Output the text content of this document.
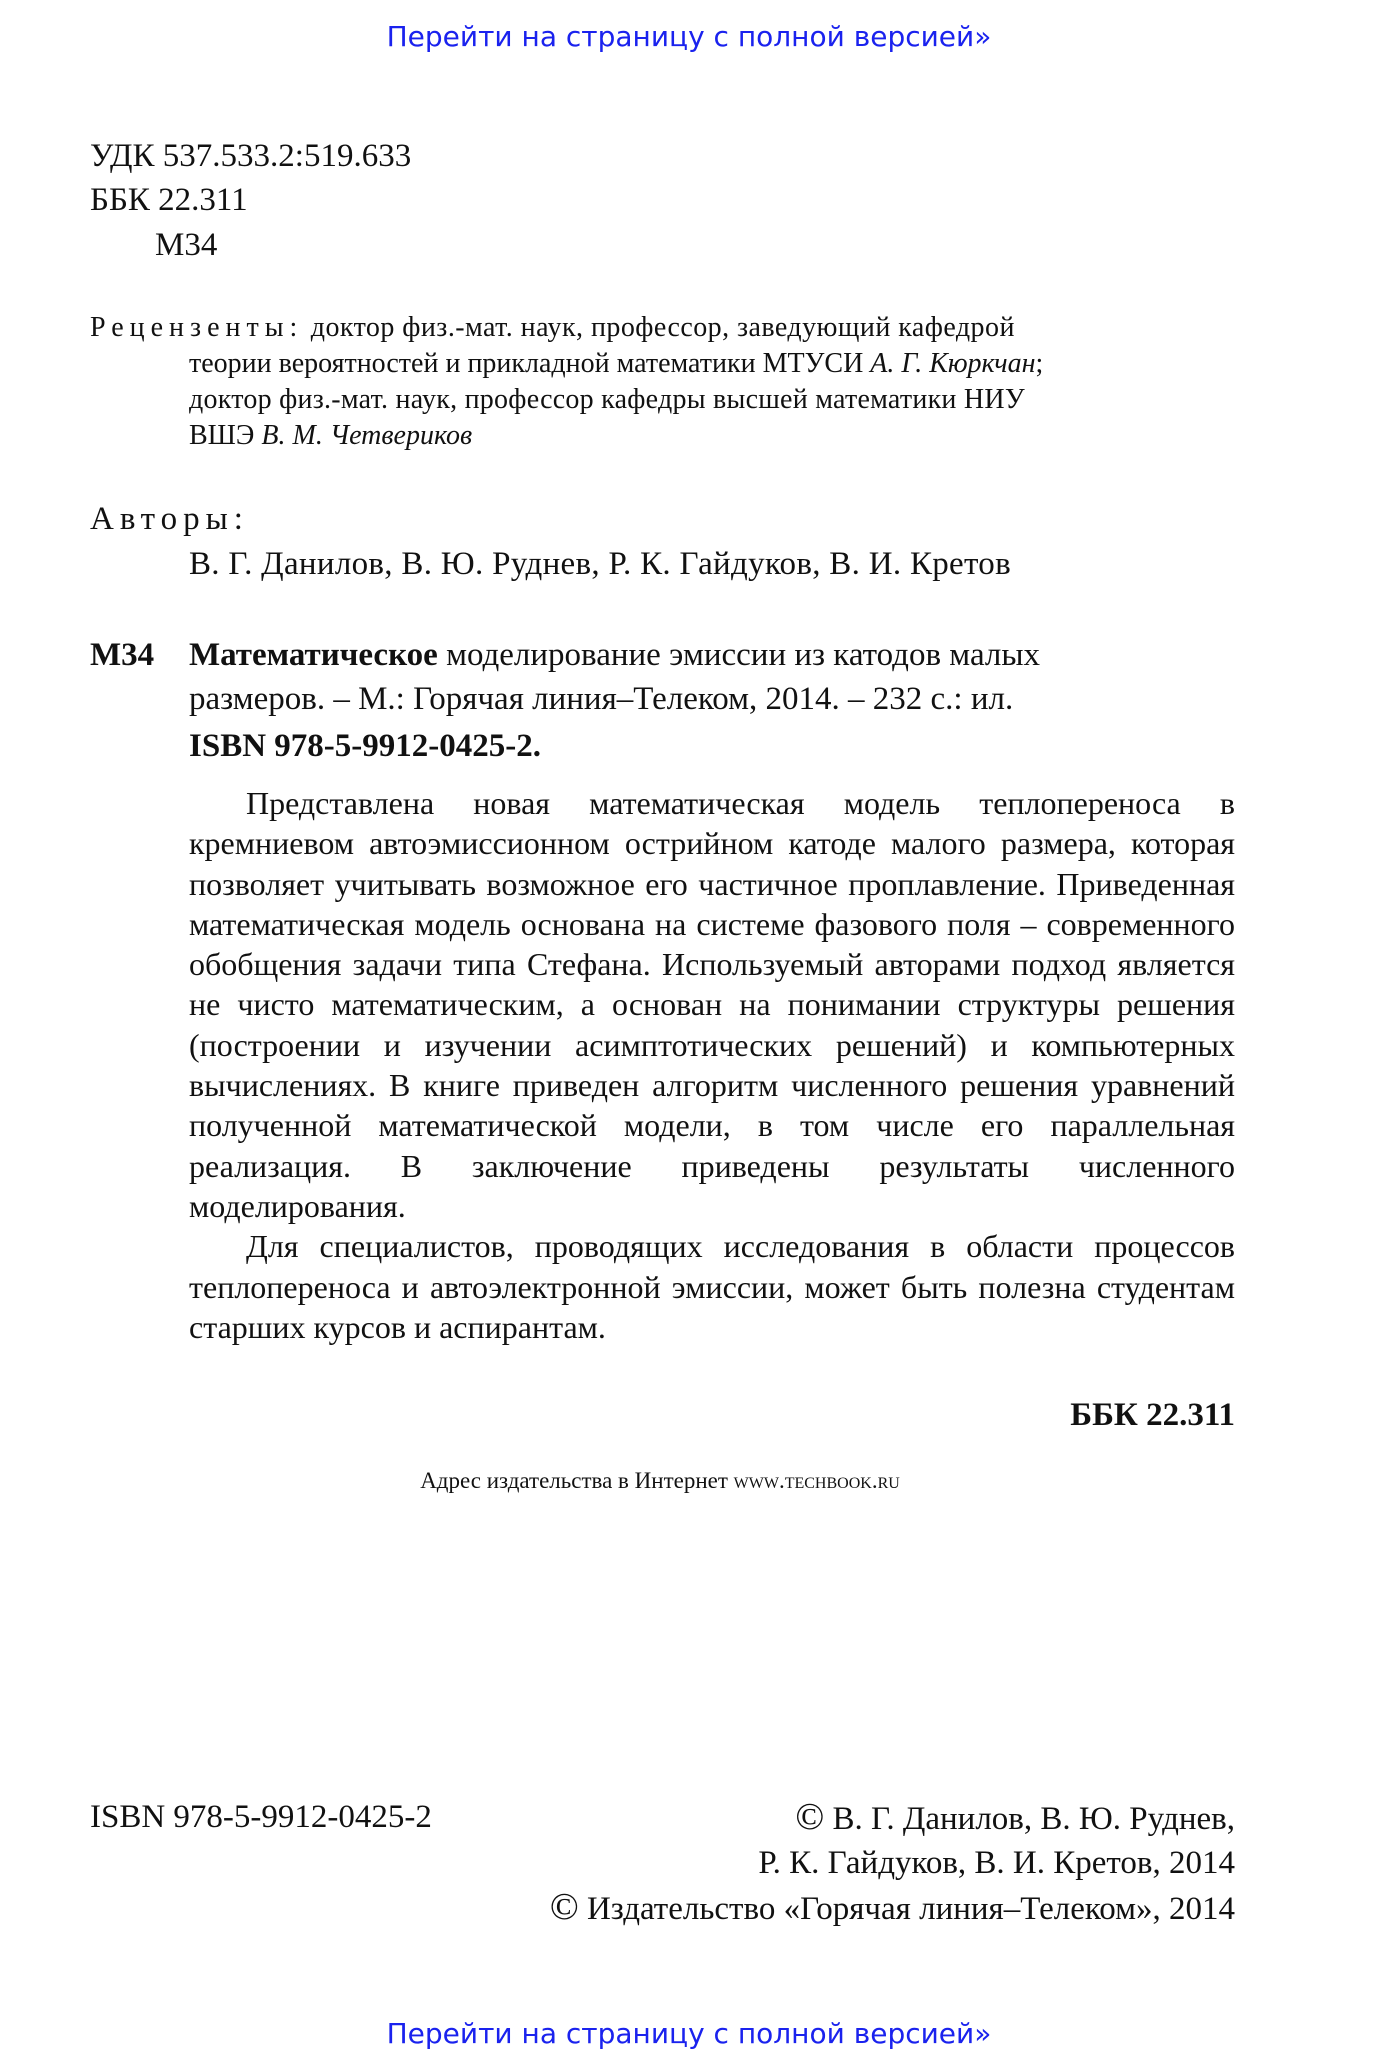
Перейти на страницу с полной версией»
УДК 537.533.2:519.633
ББК 22.311
М34
Рецензенты: доктор физ.-мат. наук, профессор, заведующий кафедрой
теории вероятностей и прикладной математики МТУСИ А. Г. Кюркчан;
доктор физ.-мат. наук, профессор кафедры высшей математики НИУ
ВШЭ В. М. Четвериков
Авторы:
В. Г. Данилов, В. Ю. Руднев, Р. К. Гайдуков, В. И. Кретов
М34 Математическое моделирование эмиссии из катодов малых
размеров. – М.: Горячая линия–Телеком, 2014. – 232 с.: ил.
ISBN 978-5-9912-0425-2.

Представлена новая математическая модель теплопереноса в кремниевом автоэмиссионном острийном катоде малого размера, которая позволяет учитывать возможное его частичное проплавление. Приведенная математическая модель основана на системе фазового поля – современного обобщения задачи типа Стефана. Используемый авторами подход является не чисто математическим, а основан на понимании структуры решения (построении и изучении асимптотических решений) и компьютерных вычислениях. В книге приведен алгоритм численного решения уравнений полученной математической модели, в том числе его параллельная реализация. В заключение приведены результаты численного моделирования.

Для специалистов, проводящих исследования в области процессов теплопереноса и автоэлектронной эмиссии, может быть полезна студентам старших курсов и аспирантам.

ББК 22.311
Адрес издательства в Интернет www.techbook.ru
ISBN 978-5-9912-0425-2	© В. Г. Данилов, В. Ю. Руднев,
Р. К. Гайдуков, В. И. Кретов, 2014
© Издательство «Горячая линия–Телеком», 2014
Перейти на страницу с полной версией»
